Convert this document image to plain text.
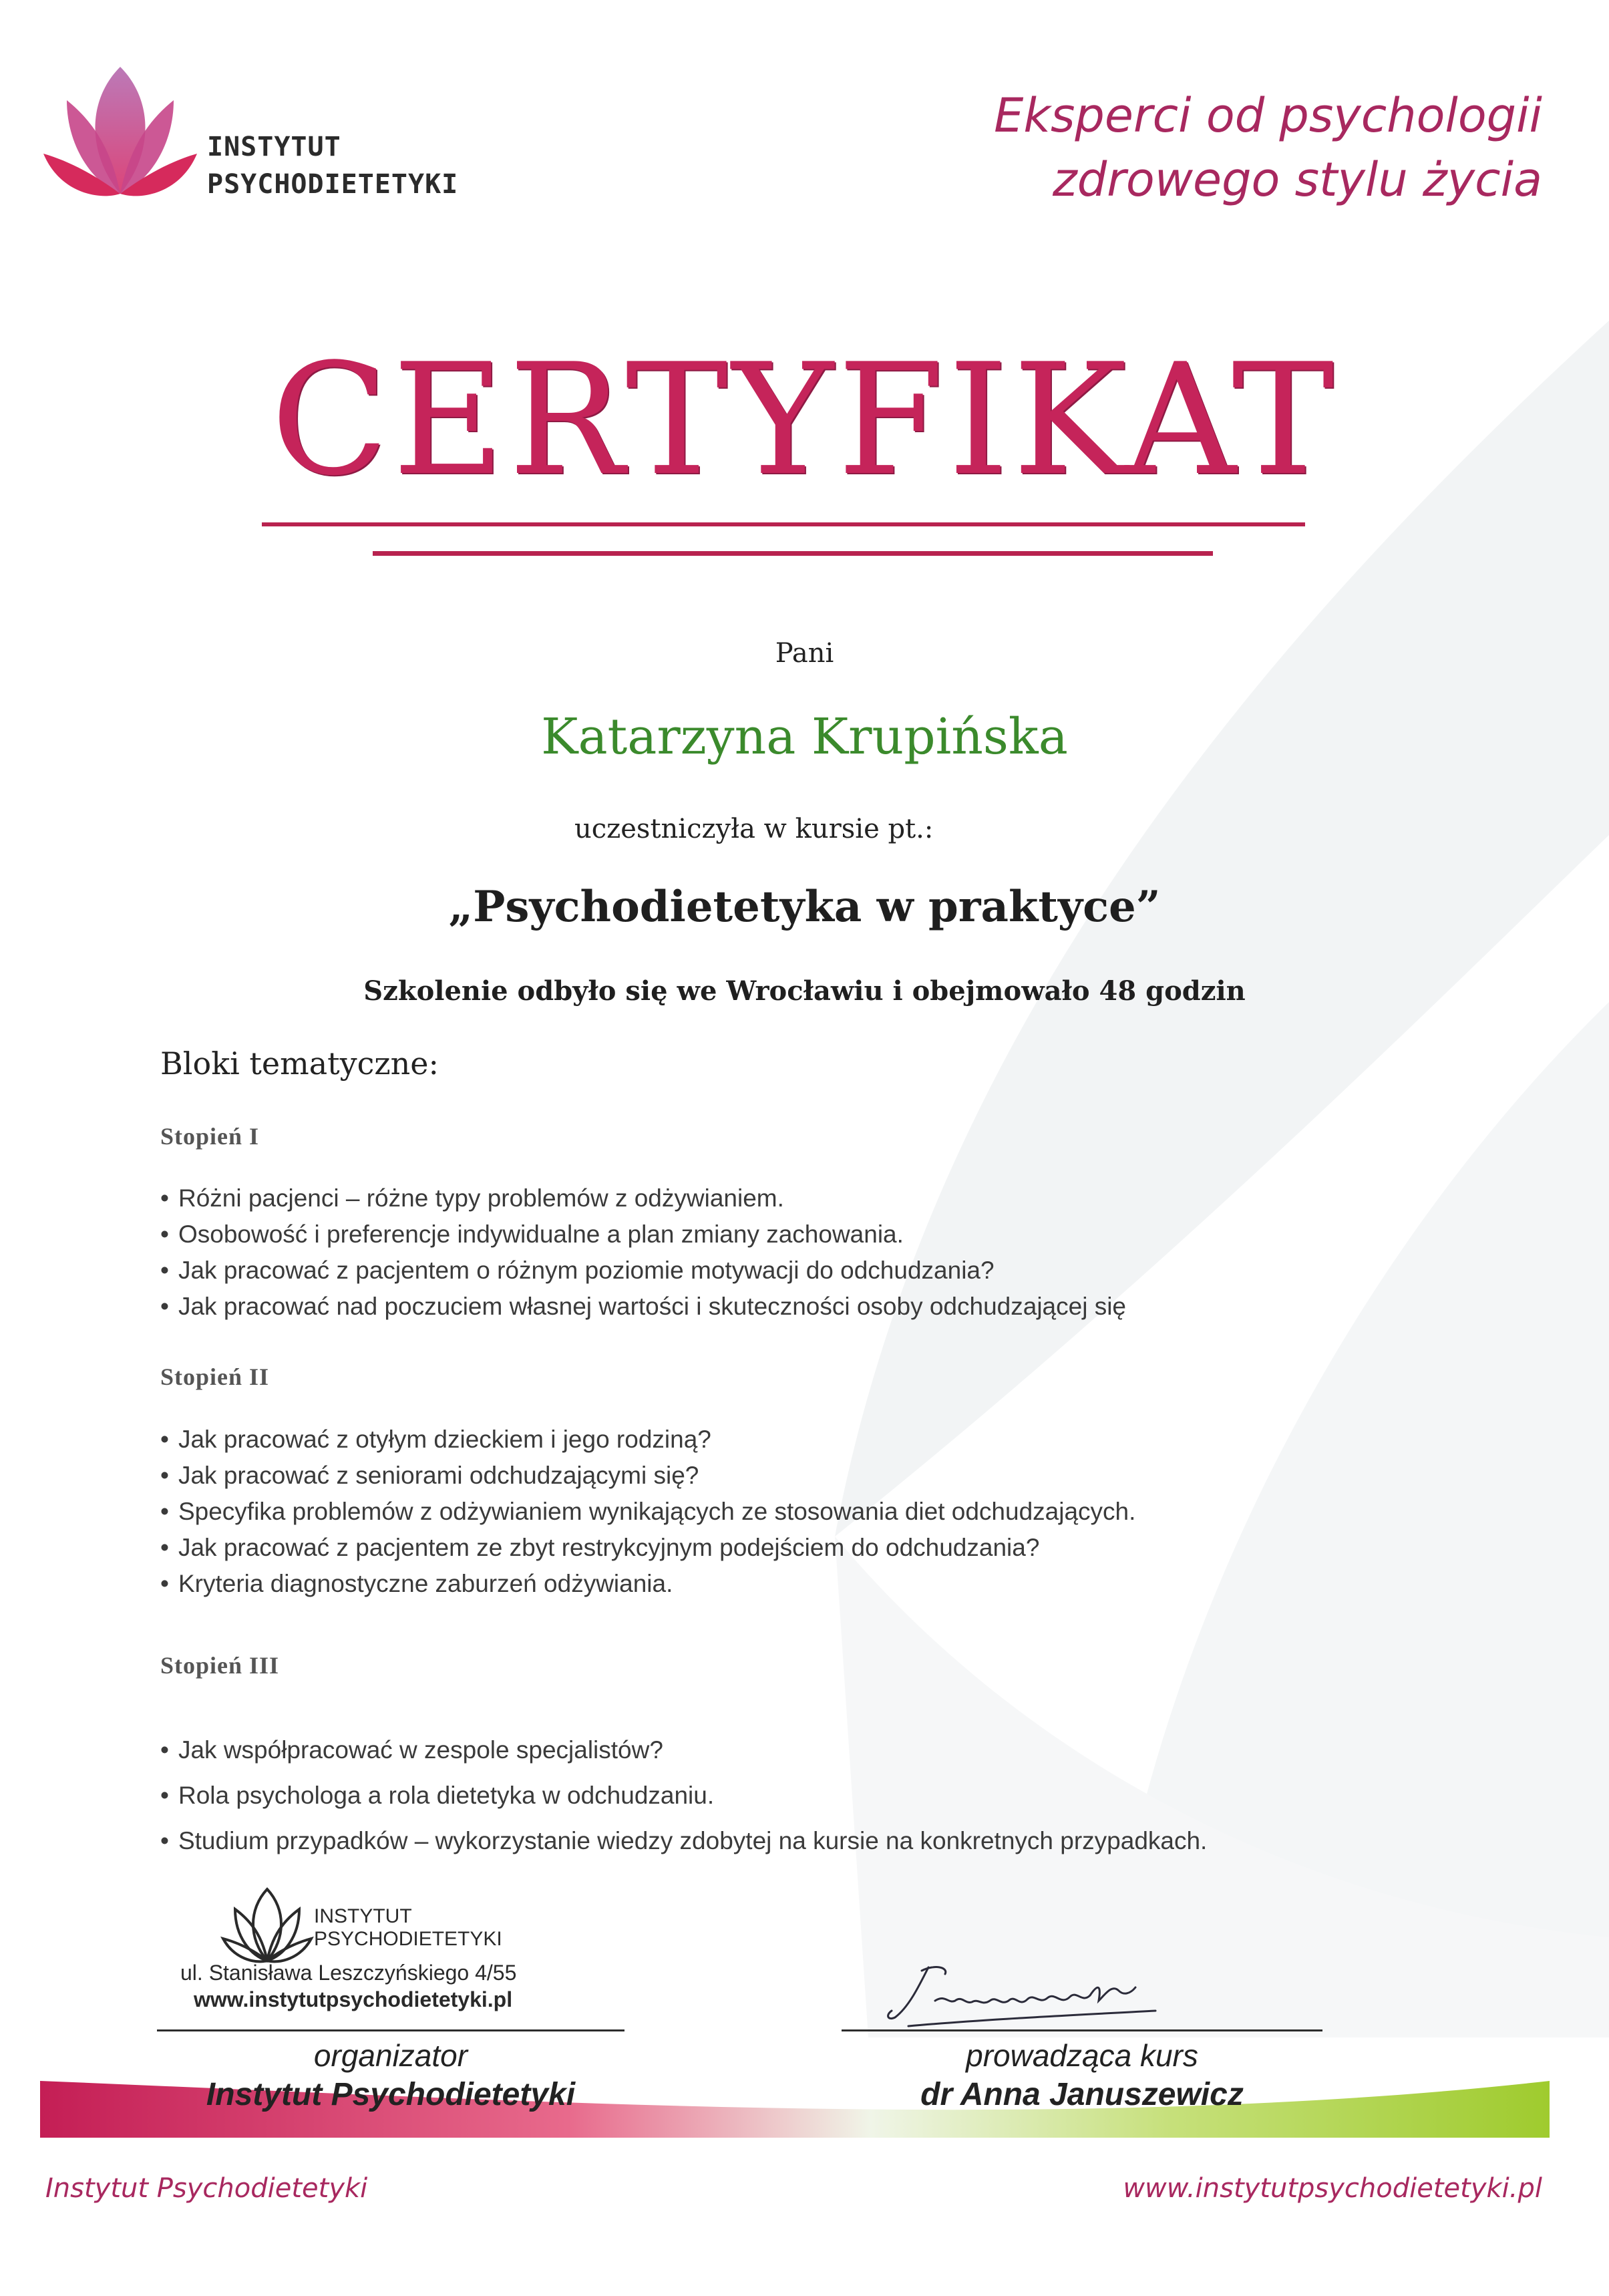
INSTYTUT
PSYCHODIETETYKI
Eksperci od psychologii
zdrowego stylu życia
CERTYFIKAT
Pani
Katarzyna Krupińska
uczestniczyła w kursie pt.:
„Psychodietetyka w praktyce”
Szkolenie odbyło się we Wrocławiu i obejmowało 48 godzin
Bloki tematyczne:
Stopień I
• Różni pacjenci – różne typy problemów z odżywianiem.
• Osobowość i preferencje indywidualne a plan zmiany zachowania.
• Jak pracować z pacjentem o różnym poziomie motywacji do odchudzania?
• Jak pracować nad poczuciem własnej wartości i skuteczności osoby odchudzającej się
Stopień II
• Jak pracować z otyłym dzieckiem i jego rodziną?
• Jak pracować z seniorami odchudzającymi się?
• Specyfika problemów z odżywianiem wynikających ze stosowania diet odchudzających.
• Jak pracować z pacjentem ze zbyt restrykcyjnym podejściem do odchudzania?
• Kryteria diagnostyczne zaburzeń odżywiania.
Stopień III
• Jak współpracować w zespole specjalistów?
• Rola psychologa a rola dietetyka w odchudzaniu.
• Studium przypadków – wykorzystanie wiedzy zdobytej na kursie na konkretnych przypadkach.
INSTYTUT
PSYCHODIETETYKI
ul. Stanisława Leszczyńskiego 4/55
www.instytutpsychodietetyki.pl
organizator
Instytut Psychodietetyki
prowadząca kurs
dr Anna Januszewicz
Instytut Psychodietetyki	www.instytutpsychodietetyki.pl
